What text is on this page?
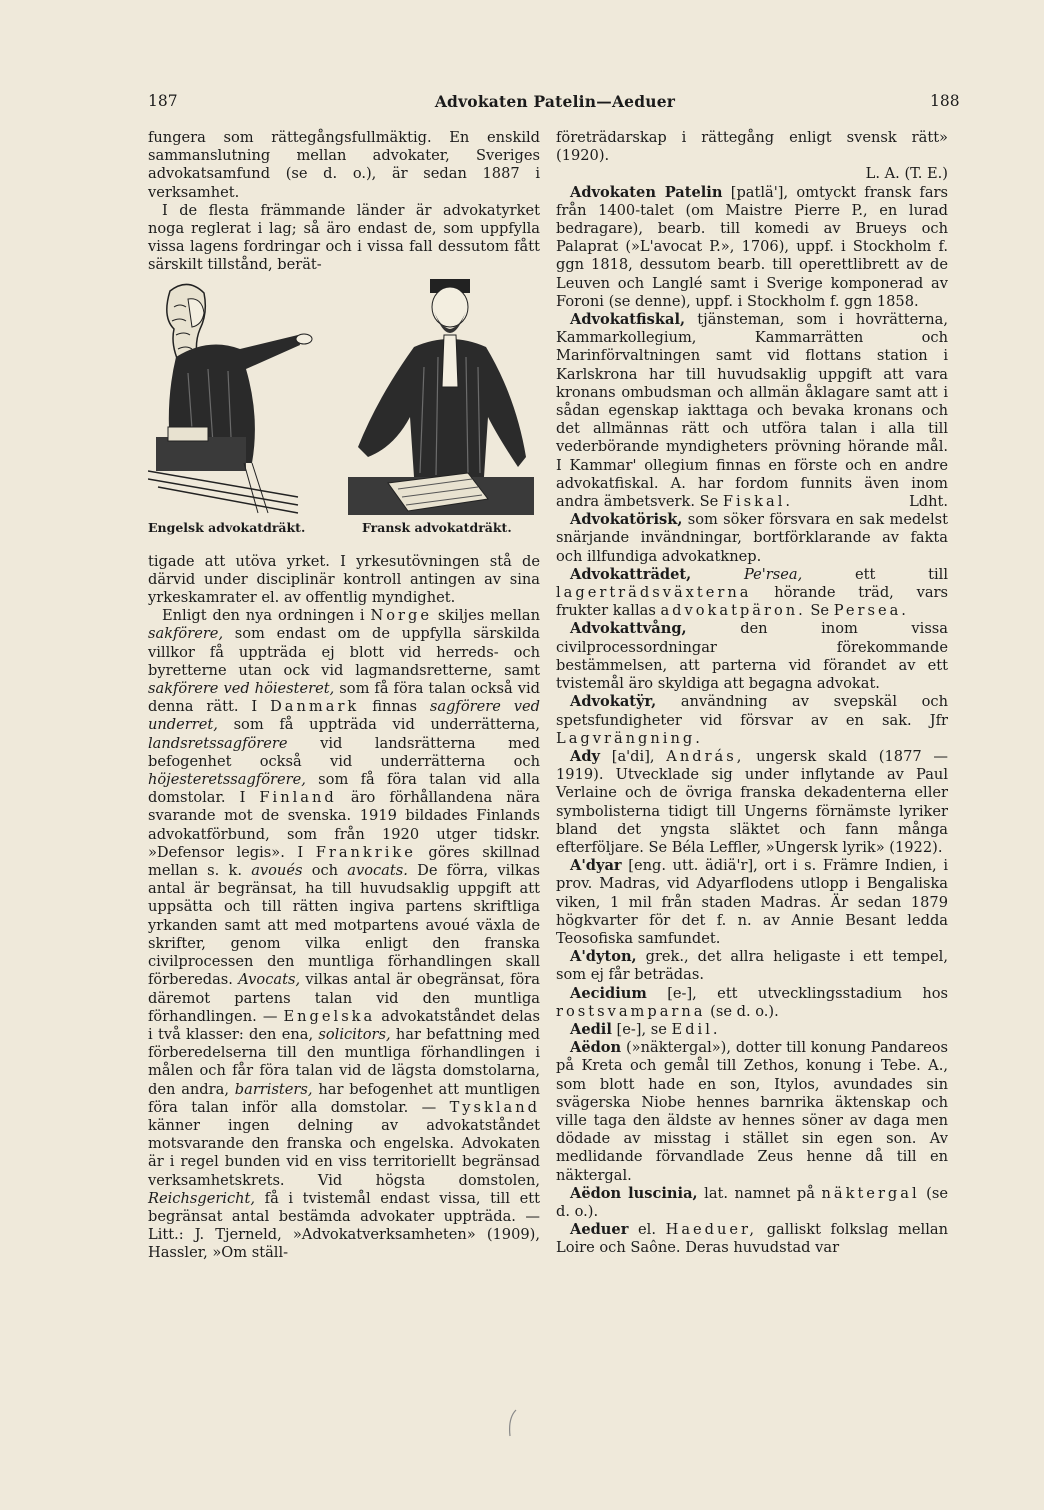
187	Advokaten Patelin—Aeduer	188

fungera som rättegångsfullmäktig. En enskild sammanslutning mellan advokater, Sveriges advokatsamfund (se d. o.), är sedan 1887 i verksamhet.

I de flesta främmande länder är advokatyrket noga reglerat i lag; så äro endast de, som uppfylla vissa lagens fordringar och i vissa fall dessutom fått särskilt tillstånd, berät-

Engelsk advokatdräkt.	Fransk advokatdräkt.

tigade att utöva yrket. I yrkesutövningen stå de därvid under disciplinär kontroll antingen av sina yrkeskamrater el. av offentlig myndighet.

Enligt den nya ordningen i Norge skiljes mellan sakförere, som endast om de uppfylla särskilda villkor få uppträda ej blott vid herreds- och byretterne utan ock vid lagmandsretterne, samt sakförere ved höiesteret, som få föra talan också vid denna rätt. I Danmark finnas sagförere ved underret, som få uppträda vid underrätterna, landsretssagförere vid landsrätterna med befogenhet också vid underrätterna och höjesteretssagförere, som få föra talan vid alla domstolar. I Finland äro förhållandena nära svarande mot de svenska. 1919 bildades Finlands advokatförbund, som från 1920 utger tidskr. »Defensor legis». I Frankrike göres skillnad mellan s. k. avoués och avocats. De förra, vilkas antal är begränsat, ha till huvudsaklig uppgift att uppsätta och till rätten ingiva partens skriftliga yrkanden samt att med motpartens avoué växla de skrifter, genom vilka enligt den franska civilprocessen den muntliga förhandlingen skall förberedas. Avocats, vilkas antal är obegränsat, föra däremot partens talan vid den muntliga förhandlingen. — Engelska advokatståndet delas i två klasser: den ena, solicitors, har befattning med förberedelserna till den muntliga förhandlingen i målen och får föra talan vid de lägsta domstolarna, den andra, barristers, har befogenhet att muntligen föra talan inför alla domstolar. — Tyskland känner ingen delning av advokatståndet motsvarande den franska och engelska. Advokaten är i regel bunden vid en viss territoriellt begränsad verksamhetskrets. Vid högsta domstolen, Reichsgericht, få i tvistemål endast vissa, till ett begränsat antal bestämda advokater uppträda. — Litt.: J. Tjerneld, »Advokatverksamheten» (1909), Hassler, »Om ställ-

företrädarskap i rättegång enligt svensk rätt» (1920).

L. A. (T. E.)

Advokaten Patelin [patlä'], omtyckt fransk fars från 1400-talet (om Maistre Pierre P., en lurad bedragare), bearb. till komedi av Brueys och Palaprat (»L'avocat P.», 1706), uppf. i Stockholm f. ggn 1818, dessutom bearb. till operettlibrett av de Leuven och Langlé samt i Sverige komponerad av Foroni (se denne), uppf. i Stockholm f. ggn 1858.

Advokatfiskal, tjänsteman, som i hovrätterna, Kammarkollegium, Kammarrätten och Marinförvaltningen samt vid flottans station i Karlskrona har till huvudsaklig uppgift att vara kronans ombudsman och allmän åklagare samt att i sådan egenskap iakttaga och bevaka kronans och det allmännas rätt och utföra talan i alla till vederbörande myndigheters prövning hörande mål. I Kammar' ollegium finnas en förste och en andre advokatfiskal. A. har fordom funnits även inom andra ämbetsverk. Se Fiskal.	Ldht.

Advokatörisk, som söker försvara en sak medelst snärjande invändningar, bortförklarande av fakta och illfundiga advokatknep.

Advokatträdet, Pe'rsea, ett till lagerträdsväxterna hörande träd, vars frukter kallas advokatpäron. Se Persea.

Advokattvång, den inom vissa civilprocessordningar förekommande bestämmelsen, att parterna vid förandet av ett tvistemål äro skyldiga att begagna advokat.

Advokatÿr, användning av svepskäl och spetsfundigheter vid försvar av en sak. Jfr Lagvrängning.

Ady [a'di], András, ungersk skald (1877 —1919). Utvecklade sig under inflytande av Paul Verlaine och de övriga franska dekadenterna eller symbolisterna tidigt till Ungerns förnämste lyriker bland det yngsta släktet och fann många efterföljare. Se Béla Leffler, »Ungersk lyrik» (1922).

A'dyar [eng. utt. ädiä'r], ort i s. Främre Indien, i prov. Madras, vid Adyarflodens utlopp i Bengaliska viken, 1 mil från staden Madras. Är sedan 1879 högkvarter för det f. n. av Annie Besant ledda Teosofiska samfundet.

A'dyton, grek., det allra heligaste i ett tempel, som ej får beträdas.

Aecidium [e-], ett utvecklingsstadium hos rostsvamparna (se d. o.).

Aedil [e-], se Edil.

Aëdon (»näktergal»), dotter till konung Pandareos på Kreta och gemål till Zethos, konung i Tebe. A., som blott hade en son, Itylos, avundades sin svägerska Niobe hennes barnrika äktenskap och ville taga den äldste av hennes söner av daga men dödade av misstag i stället sin egen son. Av medlidande förvandlade Zeus henne då till en näktergal.

Aëdon luscinia, lat. namnet på näktergal (se d. o.).

Aeduer el. Haeduer, galliskt folkslag mellan Loire och Saône. Deras huvudstad var
